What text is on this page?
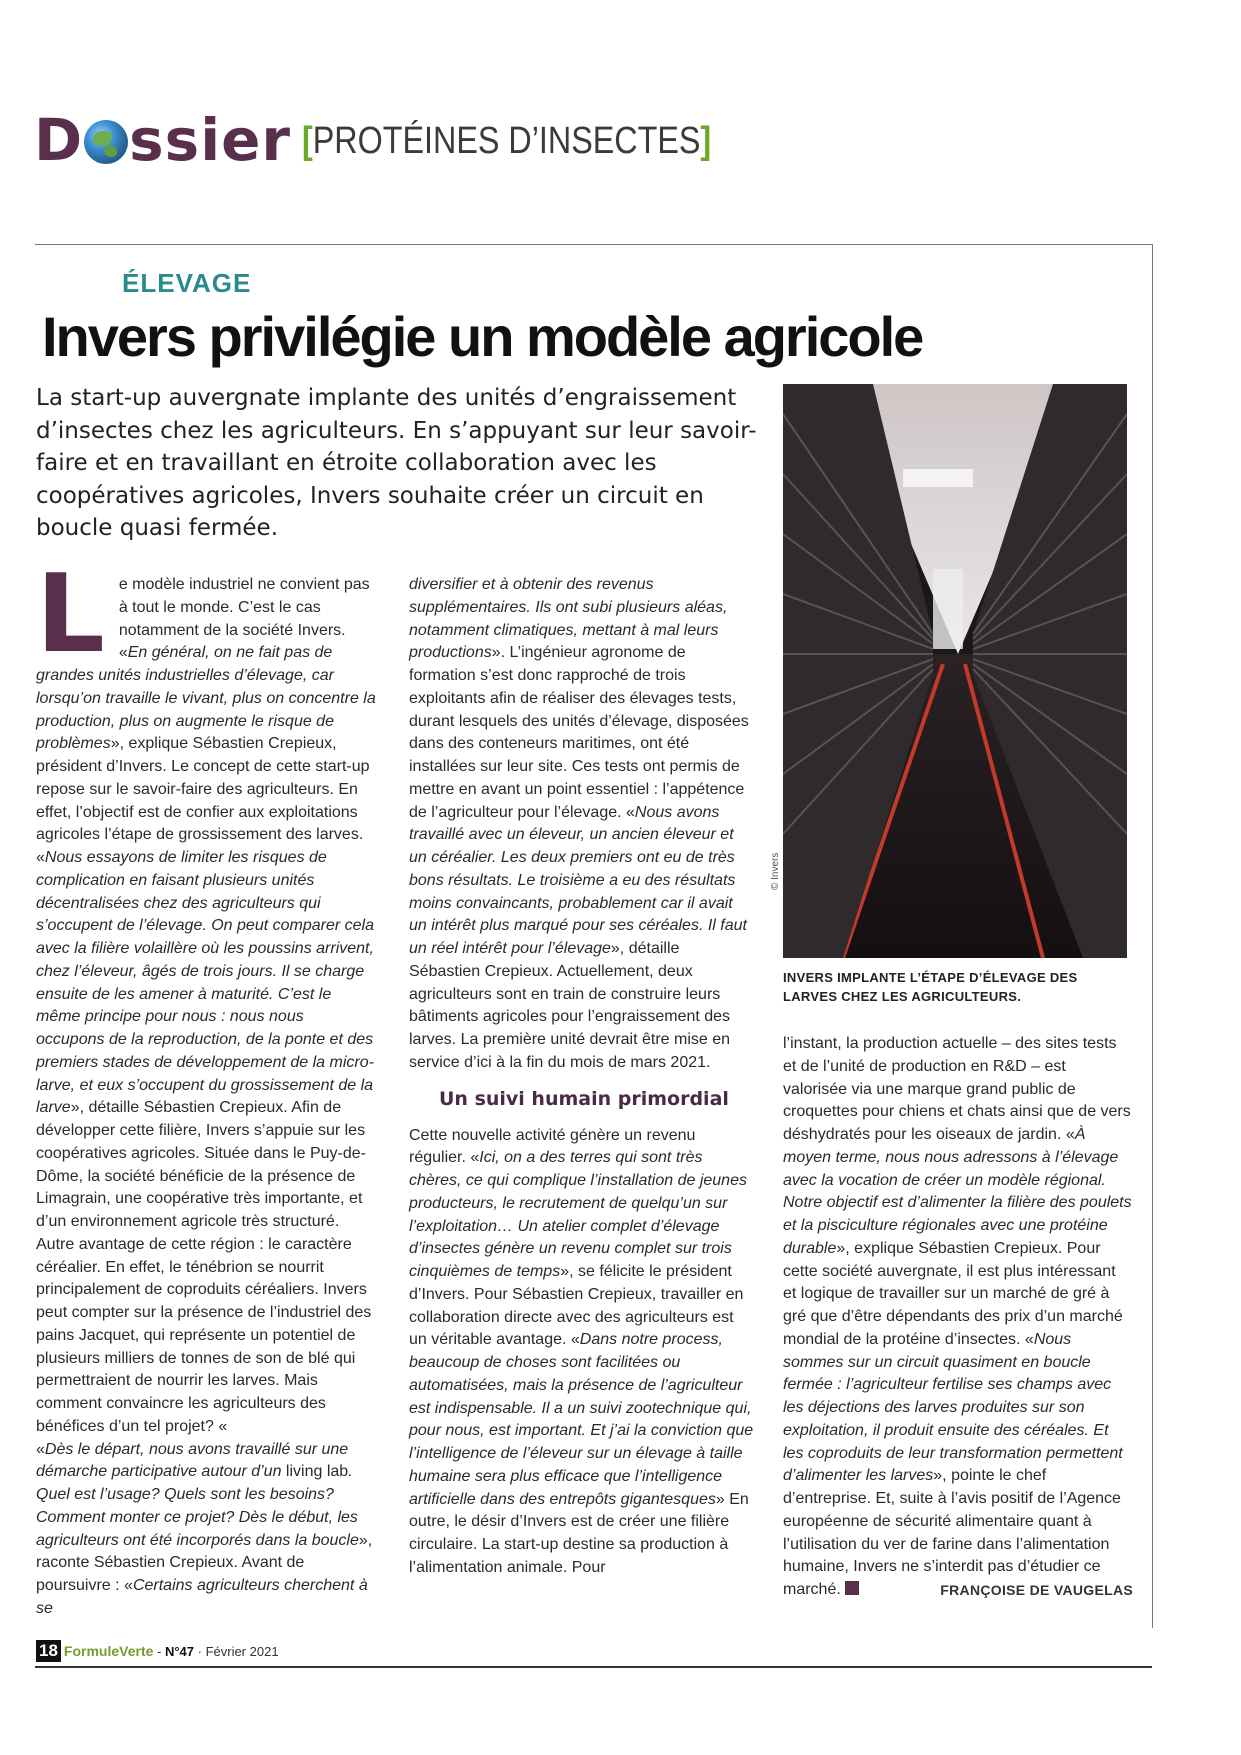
D ssier [PROTÉINES D’INSECTES]
ÉLEVAGE
Invers privilégie un modèle agricole
La start-up auvergnate implante des unités d’engraissement d’insectes chez les agriculteurs. En s’appuyant sur leur savoir-faire et en travaillant en étroite collaboration avec les coopératives agricoles, Invers souhaite créer un circuit en boucle quasi fermée.
© Invers
INVERS IMPLANTE L’ÉTAPE D’ÉLEVAGE DES LARVES CHEZ LES AGRICULTEURS.
L e modèle industriel ne convient pas à tout le monde. C’est le cas notamment de la société Invers. «En général, on ne fait pas de grandes unités industrielles d’élevage, car lorsqu’on travaille le vivant, plus on concentre la production, plus on augmente le risque de problèmes», explique Sébastien Crepieux, président d’Invers. Le concept de cette start-up repose sur le savoir-faire des agriculteurs. En effet, l’objectif est de confier aux exploitations agricoles l’étape de grossissement des larves. «Nous essayons de limiter les risques de complication en faisant plusieurs unités décentralisées chez des agriculteurs qui s’occupent de l’élevage. On peut comparer cela avec la filière volaillère où les poussins arrivent, chez l’éleveur, âgés de trois jours. Il se charge ensuite de les amener à maturité. C’est le même principe pour nous : nous nous occupons de la reproduction, de la ponte et des premiers stades de développement de la micro-larve, et eux s’occupent du grossissement de la larve», détaille Sébastien Crepieux. Afin de développer cette filière, Invers s’appuie sur les coopératives agricoles. Située dans le Puy-de-Dôme, la société bénéficie de la présence de Limagrain, une coopérative très importante, et d’un environnement agricole très structuré. Autre avantage de cette région : le caractère céréalier. En effet, le ténébrion se nourrit principalement de coproduits céréaliers. Invers peut compter sur la présence de l’industriel des pains Jacquet, qui représente un potentiel de plusieurs milliers de tonnes de son de blé qui permettraient de nourrir les larves. Mais comment convaincre les agriculteurs des bénéfices d’un tel projet? «
«Dès le départ, nous avons travaillé sur une démarche participative autour d’un living lab. Quel est l’usage? Quels sont les besoins? Comment monter ce projet? Dès le début, les agriculteurs ont été incorporés dans la boucle», raconte Sébastien Crepieux. Avant de poursuivre : «Certains agriculteurs cherchent à se

diversifier et à obtenir des revenus supplémentaires. Ils ont subi plusieurs aléas, notamment climatiques, mettant à mal leurs productions». L’ingénieur agronome de formation s’est donc rapproché de trois exploitants afin de réaliser des élevages tests, durant lesquels des unités d’élevage, disposées dans des conteneurs maritimes, ont été installées sur leur site. Ces tests ont permis de mettre en avant un point essentiel : l’appétence de l’agriculteur pour l’élevage. «Nous avons travaillé avec un éleveur, un ancien éleveur et un céréalier. Les deux premiers ont eu de très bons résultats. Le troisième a eu des résultats moins convaincants, probablement car il avait un intérêt plus marqué pour ses céréales. Il faut un réel intérêt pour l’élevage», détaille Sébastien Crepieux. Actuellement, deux agriculteurs sont en train de construire leurs bâtiments agricoles pour l’engraissement des larves. La première unité devrait être mise en service d’ici à la fin du mois de mars 2021.

Un suivi humain primordial

Cette nouvelle activité génère un revenu régulier. «Ici, on a des terres qui sont très chères, ce qui complique l’installation de jeunes producteurs, le recrutement de quelqu’un sur l’exploitation… Un atelier complet d’élevage d’insectes génère un revenu complet sur trois cinquièmes de temps», se félicite le président d’Invers. Pour Sébastien Crepieux, travailler en collaboration directe avec des agriculteurs est un véritable avantage. «Dans notre process, beaucoup de choses sont facilitées ou automatisées, mais la présence de l’agriculteur est indispensable. Il a un suivi zootechnique qui, pour nous, est important. Et j’ai la conviction que l’intelligence de l’éleveur sur un élevage à taille humaine sera plus efficace que l’intelligence artificielle dans des entrepôts gigantesques» En outre, le désir d’Invers est de créer une filière circulaire. La start-up destine sa production à l’alimentation animale. Pour

l’instant, la production actuelle – des sites tests et de l’unité de production en R&D – est valorisée via une marque grand public de croquettes pour chiens et chats ainsi que de vers déshydratés pour les oiseaux de jardin. «À moyen terme, nous nous adressons à l’élevage avec la vocation de créer un modèle régional. Notre objectif est d’alimenter la filière des poulets et la pisciculture régionales avec une protéine durable», explique Sébastien Crepieux. Pour cette société auvergnate, il est plus intéressant et logique de travailler sur un marché de gré à gré que d’être dépendants des prix d’un marché mondial de la protéine d’insectes. «Nous sommes sur un circuit quasiment en boucle fermée : l’agriculteur fertilise ses champs avec les déjections des larves produites sur son exploitation, il produit ensuite des céréales. Et les coproduits de leur transformation permettent d’alimenter les larves», pointe le chef d’entreprise. Et, suite à l’avis positif de l’Agence européenne de sécurité alimentaire quant à l’utilisation du ver de farine dans l’alimentation humaine, Invers ne s’interdit pas d’étudier ce marché.	FRANÇOISE DE VAUGELAS

18 FormuleVerte - N°47 · Février 2021
